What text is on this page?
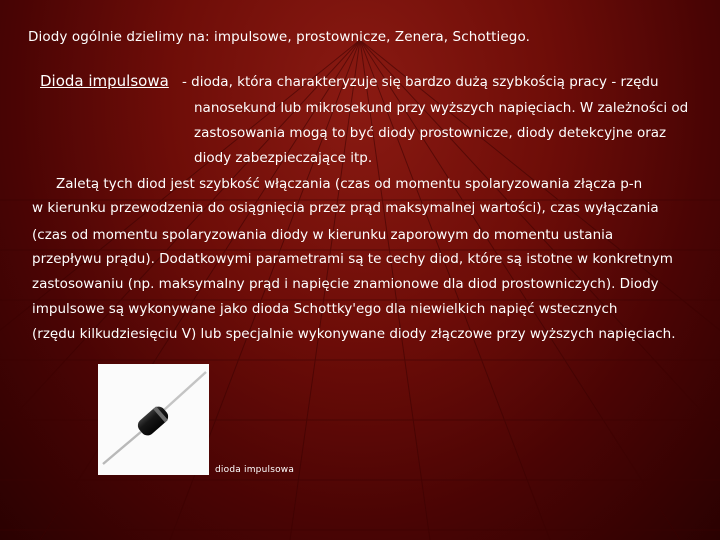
Diody ogólnie dzielimy na: impulsowe, prostownicze, Zenera, Schottiego.
Dioda impulsowa - dioda, która charakteryzuje się bardzo dużą szybkością pracy - rzędu
nanosekund lub mikrosekund przy wyższych napięciach. W zależności od
zastosowania mogą to być diody prostownicze, diody detekcyjne oraz
diody zabezpieczające itp.
Zaletą tych diod jest szybkość włączania (czas od momentu spolaryzowania złącza p-n
w kierunku przewodzenia do osiągnięcia przez prąd maksymalnej wartości), czas wyłączania
(czas od momentu spolaryzowania diody w kierunku zaporowym do momentu ustania
przepływu prądu). Dodatkowymi parametrami są te cechy diod, które są istotne w konkretnym
zastosowaniu (np. maksymalny prąd i napięcie znamionowe dla diod prostowniczych). Diody
impulsowe są wykonywane jako dioda Schottky'ego dla niewielkich napięć wstecznych
(rzędu kilkudziesięciu V) lub specjalnie wykonywane diody złączowe przy wyższych napięciach.
dioda impulsowa
